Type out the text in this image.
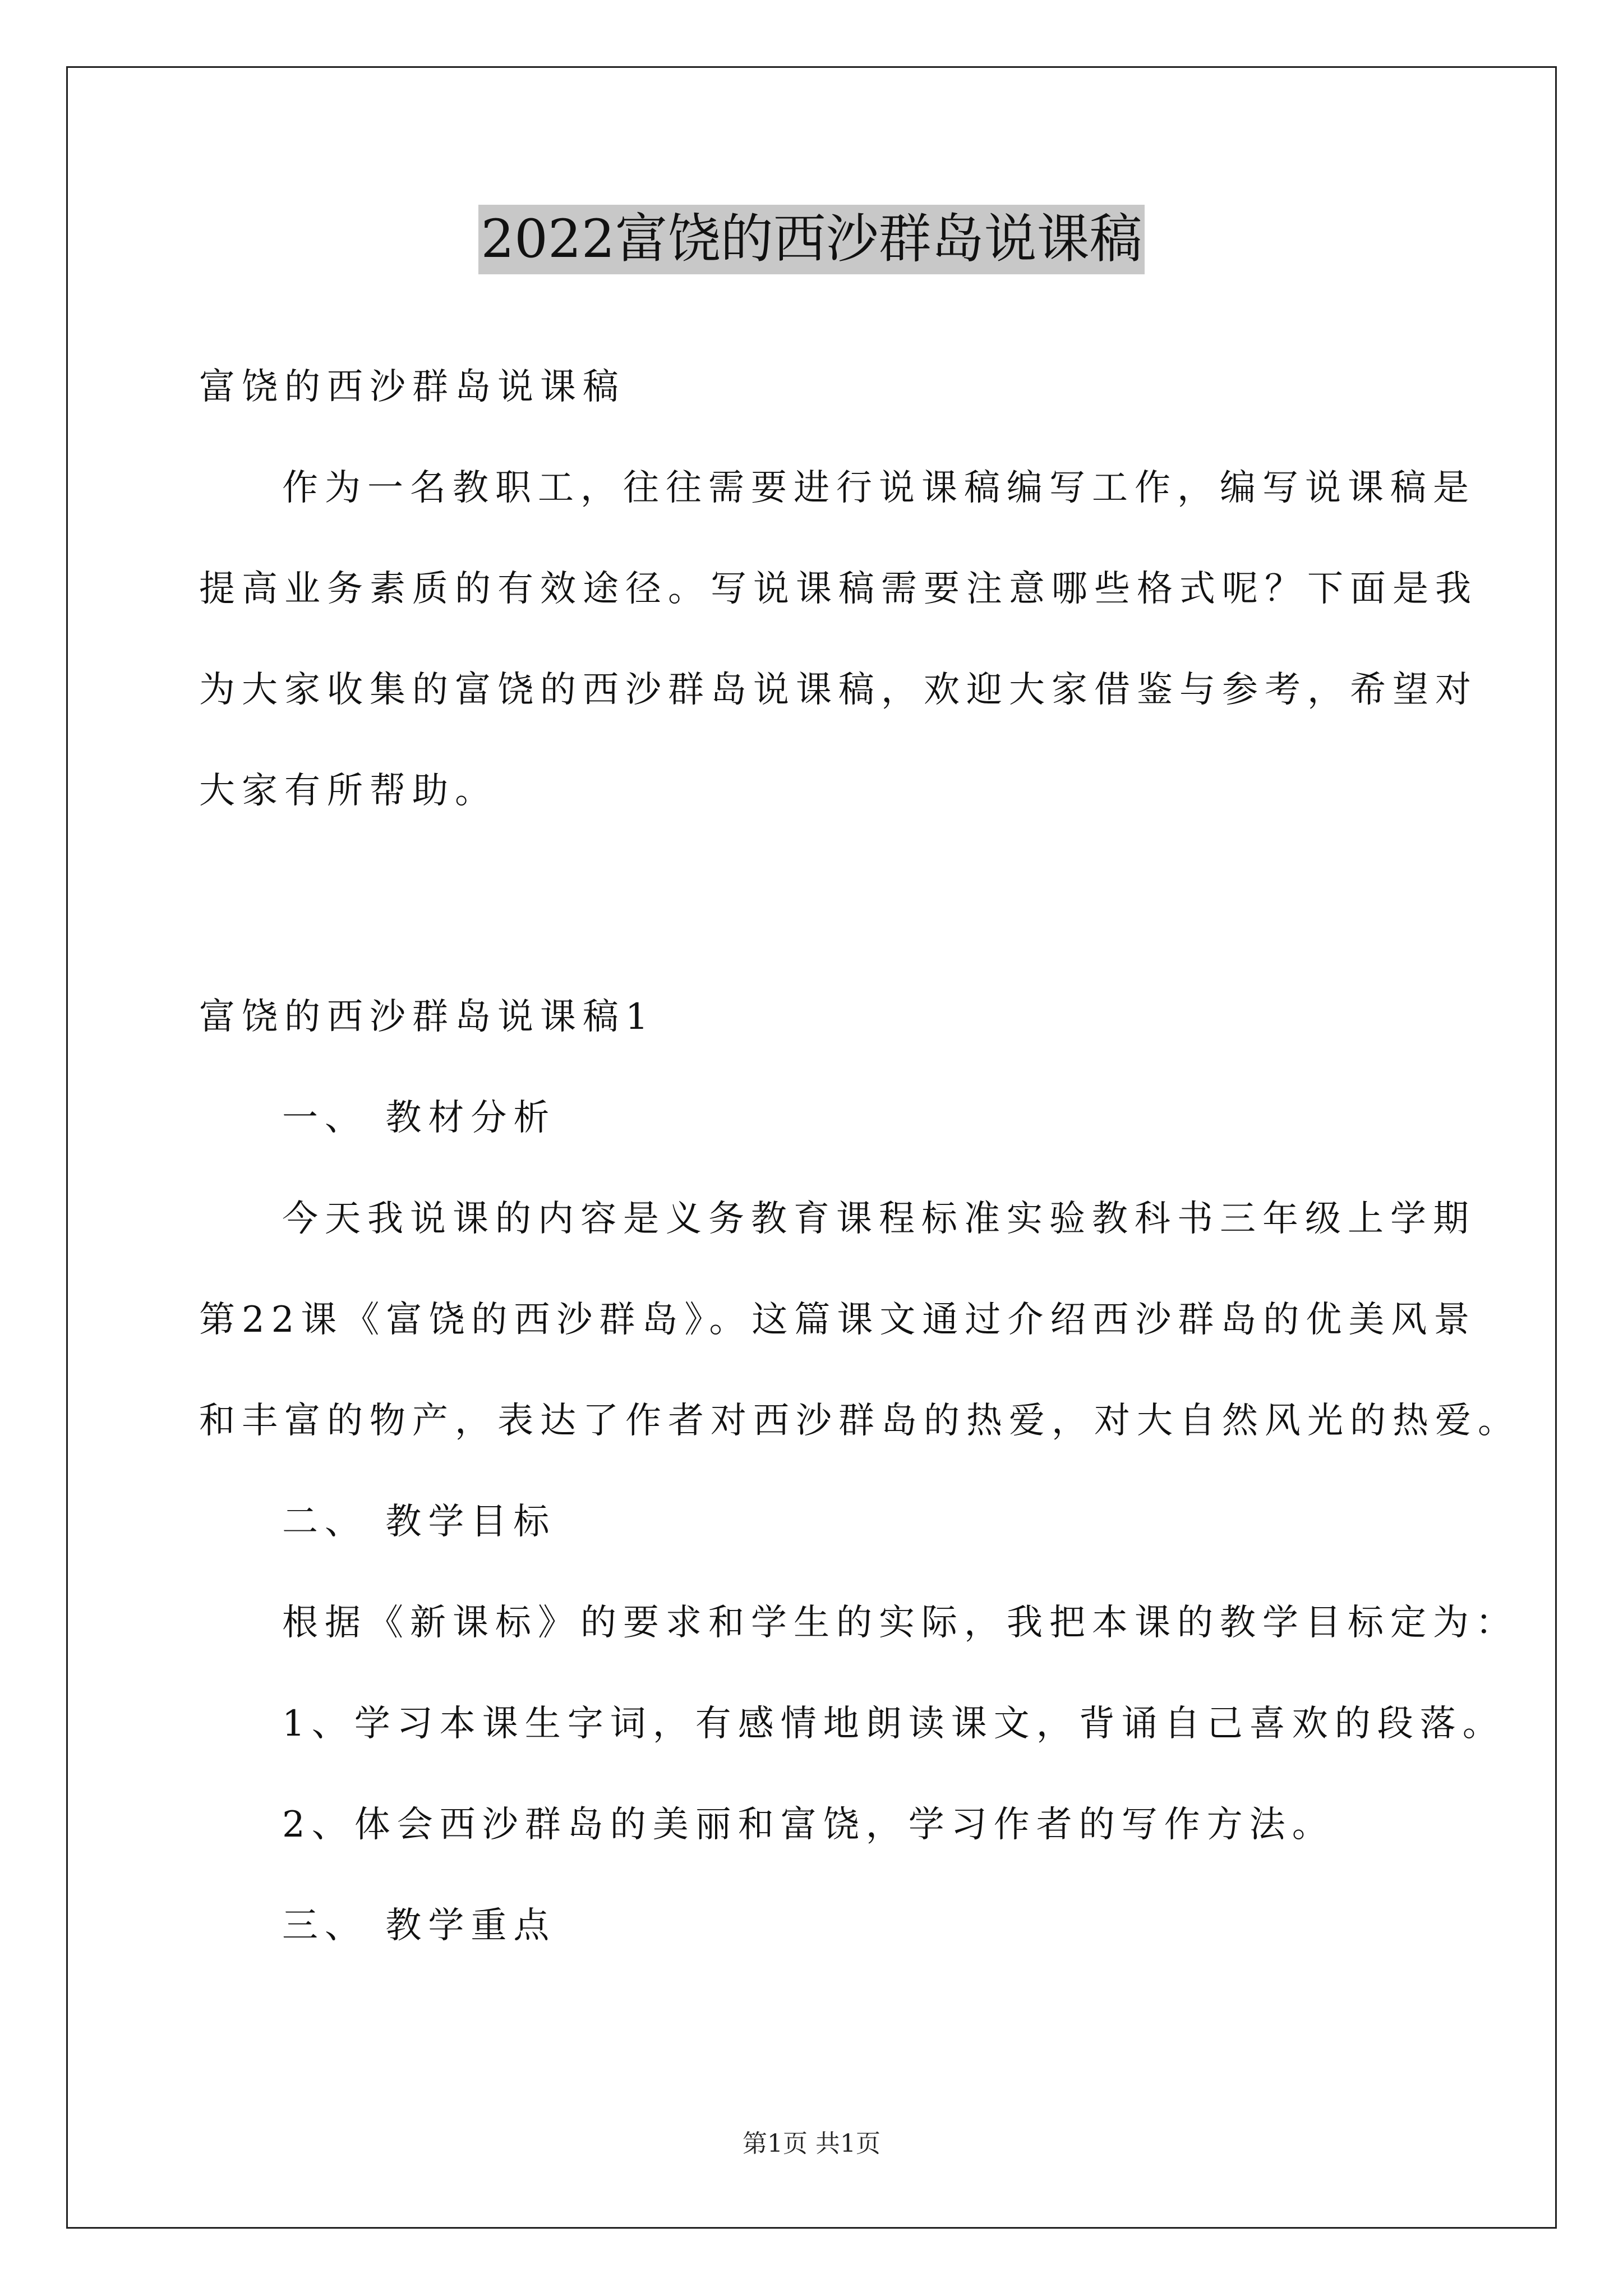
2022富饶的西沙群岛说课稿
富饶的西沙群岛说课稿
作为一名教职工，往往需要进行说课稿编写工作，编写说课稿是
提高业务素质的有效途径。写说课稿需要注意哪些格式呢？下面是我
为大家收集的富饶的西沙群岛说课稿，欢迎大家借鉴与参考，希望对
大家有所帮助。
富饶的西沙群岛说课稿1
一、 教材分析
今天我说课的内容是义务教育课程标准实验教科书三年级上学期
第22课《富饶的西沙群岛》。这篇课文通过介绍西沙群岛的优美风景
和丰富的物产，表达了作者对西沙群岛的热爱，对大自然风光的热爱。
二、 教学目标
根据《新课标》的要求和学生的实际，我把本课的教学目标定为：
1、学习本课生字词，有感情地朗读课文，背诵自己喜欢的段落。
2、体会西沙群岛的美丽和富饶，学习作者的写作方法。
三、 教学重点
第1页 共1页
